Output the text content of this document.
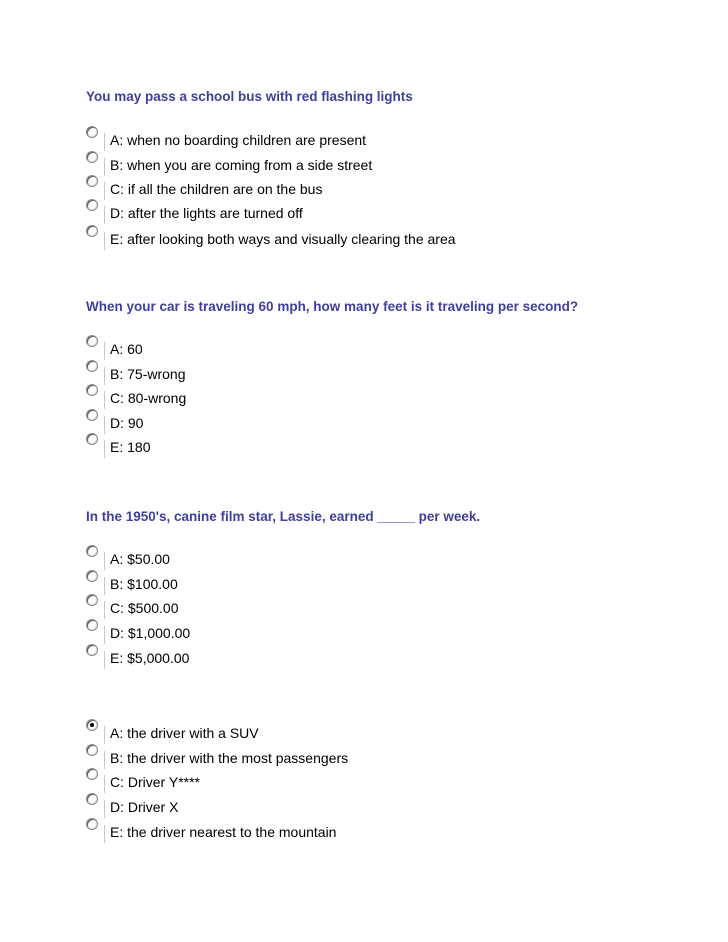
You may pass a school bus with red flashing lights
A: when no boarding children are present
B: when you are coming from a side street
C: if all the children are on the bus
D: after the lights are turned off
E: after looking both ways and visually clearing the area
When your car is traveling 60 mph, how many feet is it traveling per second?
A: 60
B: 75-wrong
C: 80-wrong
D: 90
E: 180
In the 1950's, canine film star, Lassie, earned _____ per week.
A: $50.00
B: $100.00
C: $500.00
D: $1,000.00
E: $5,000.00
A: the driver with a SUV
B: the driver with the most passengers
C: Driver Y****
D: Driver X
E: the driver nearest to the mountain
